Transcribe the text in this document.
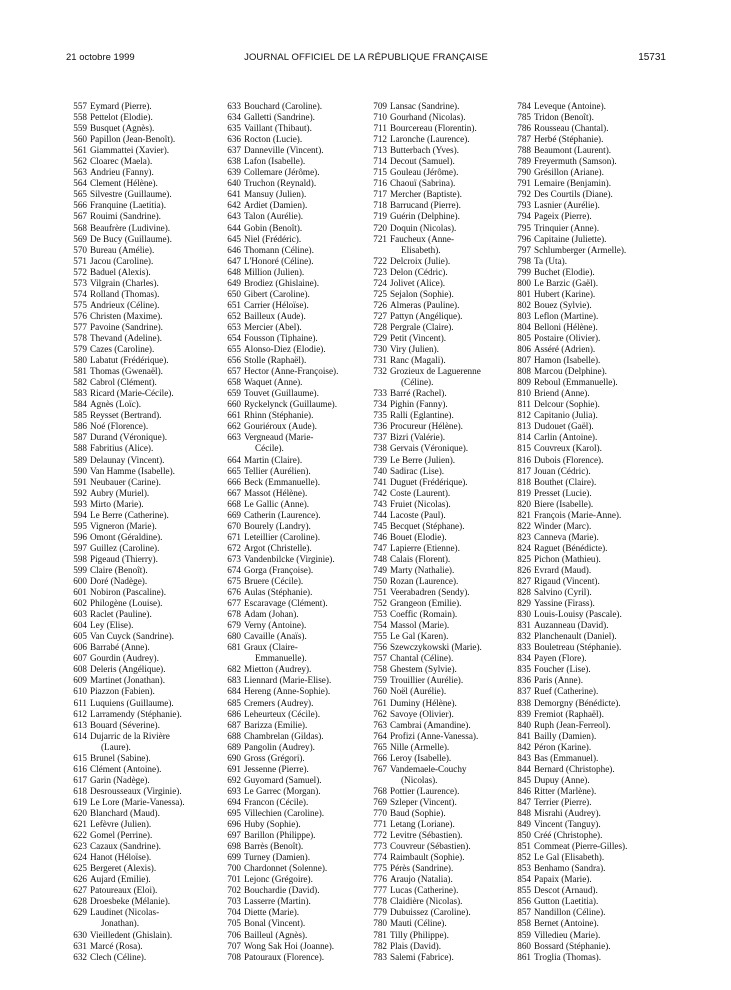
21 octobre 1999	JOURNAL OFFICIEL DE LA RÉPUBLIQUE FRANÇAISE	15731
557 Eymard (Pierre).
558 Pettelot (Elodie).
559 Busquet (Agnès).
560 Papillon (Jean-Benoît).
561 Giammattei (Xavier).
562 Cloarec (Maela).
563 Andrieu (Fanny).
564 Clement (Hélène).
565 Silvestre (Guillaume).
566 Franquine (Laetitia).
567 Rouimi (Sandrine).
568 Beaufrère (Ludivine).
569 De Bucy (Guillaume).
570 Bureau (Amélie).
571 Jacou (Caroline).
572 Baduel (Alexis).
573 Vilgrain (Charles).
574 Rolland (Thomas).
575 Andrieux (Céline).
576 Christen (Maxime).
577 Pavoine (Sandrine).
578 Thevand (Adeline).
579 Cazes (Caroline).
580 Labatut (Frédérique).
581 Thomas (Gwenaël).
582 Cabrol (Clément).
583 Ricard (Marie-Cécile).
584 Agnès (Loïc).
585 Reysset (Bertrand).
586 Noé (Florence).
587 Durand (Véronique).
588 Fabritius (Alice).
589 Delaunay (Vincent).
590 Van Hamme (Isabelle).
591 Neubauer (Carine).
592 Aubry (Muriel).
593 Mirto (Marie).
594 Le Berre (Catherine).
595 Vigneron (Marie).
596 Omont (Géraldine).
597 Guillez (Caroline).
598 Pigeaud (Thierry).
599 Claire (Benoît).
600 Doré (Nadège).
601 Nobiron (Pascaline).
602 Philogène (Louise).
603 Raclet (Pauline).
604 Ley (Elise).
605 Van Cuyck (Sandrine).
606 Barrabé (Anne).
607 Gourdin (Audrey).
608 Deleris (Angélique).
609 Martinet (Jonathan).
610 Piazzon (Fabien).
611 Luquiens (Guillaume).
612 Larramendy (Stéphanie).
613 Bouard (Séverine).
614 Dujarric de la Rivière
(Laure).
615 Brunel (Sabine).
616 Clément (Antoine).
617 Garin (Nadège).
618 Desrousseaux (Virginie).
619 Le Lore (Marie-Vanessa).
620 Blanchard (Maud).
621 Lefèvre (Julien).
622 Gomel (Perrine).
623 Cazaux (Sandrine).
624 Hanot (Héloïse).
625 Bergeret (Alexis).
626 Aujard (Emilie).
627 Patoureaux (Eloi).
628 Droesbeke (Mélanie).
629 Laudinet (Nicolas-
Jonathan).
630 Vieilledent (Ghislain).
631 Marcé (Rosa).
632 Clech (Céline).
633 Bouchard (Caroline).
634 Galletti (Sandrine).
635 Vaillant (Thibaut).
636 Rocton (Lucie).
637 Danneville (Vincent).
638 Lafon (Isabelle).
639 Collemare (Jérôme).
640 Truchon (Reynald).
641 Mansuy (Julien).
642 Ardiet (Damien).
643 Talon (Aurélie).
644 Gobin (Benoît).
645 Niel (Frédéric).
646 Thomann (Céline).
647 L'Honoré (Céline).
648 Million (Julien).
649 Brodiez (Ghislaine).
650 Gibert (Caroline).
651 Carrier (Héloïse).
652 Bailleux (Aude).
653 Mercier (Abel).
654 Fousson (Tiphaine).
655 Alonso-Diez (Elodie).
656 Stolle (Raphaël).
657 Hector (Anne-Françoise).
658 Waquet (Anne).
659 Touvet (Guillaume).
660 Ryckelynck (Guillaume).
661 Rhinn (Stéphanie).
662 Gouriéroux (Aude).
663 Vergneaud (Marie-
Cécile).
664 Martin (Claire).
665 Tellier (Aurélien).
666 Beck (Emmanuelle).
667 Massot (Hélène).
668 Le Gallic (Anne).
669 Catherin (Laurence).
670 Bourely (Landry).
671 Leteillier (Caroline).
672 Argot (Christelle).
673 Vandenbilcke (Virginie).
674 Gorga (Françoise).
675 Bruere (Cécile).
676 Aulas (Stéphanie).
677 Escaravage (Clément).
678 Adam (Johan).
679 Verny (Antoine).
680 Cavaille (Anaïs).
681 Graux (Claire-
Emmanuelle).
682 Mietton (Audrey).
683 Liennard (Marie-Elise).
684 Hereng (Anne-Sophie).
685 Cremers (Audrey).
686 Leheurteux (Cécile).
687 Barizza (Emilie).
688 Chambrelan (Gildas).
689 Pangolin (Audrey).
690 Gross (Grégori).
691 Jessenne (Pierre).
692 Guyomard (Samuel).
693 Le Garrec (Morgan).
694 Francon (Cécile).
695 Villechien (Caroline).
696 Huby (Sophie).
697 Barillon (Philippe).
698 Barrès (Benoît).
699 Turney (Damien).
700 Chardonnet (Solenne).
701 Lejonc (Grégoire).
702 Bouchardie (David).
703 Lasserre (Martin).
704 Diette (Marie).
705 Bonal (Vincent).
706 Bailleul (Agnès).
707 Wong Sak Hoi (Joanne).
708 Patouraux (Florence).
709 Lansac (Sandrine).
710 Gourhand (Nicolas).
711 Bourcereau (Florentin).
712 Laronche (Laurence).
713 Butterbach (Yves).
714 Decout (Samuel).
715 Gouleau (Jérôme).
716 Chaouï (Sabrina).
717 Mercher (Baptiste).
718 Barrucand (Pierre).
719 Guérin (Delphine).
720 Doquin (Nicolas).
721 Faucheux (Anne-
Elisabeth).
722 Delcroix (Julie).
723 Delon (Cédric).
724 Jolivet (Alice).
725 Sejalon (Sophie).
726 Almeras (Pauline).
727 Pattyn (Angélique).
728 Pergrale (Claire).
729 Petit (Vincent).
730 Viry (Julien).
731 Ranc (Magali).
732 Grozieux de Laguerenne
(Céline).
733 Barré (Rachel).
734 Pighin (Fanny).
735 Ralli (Eglantine).
736 Procureur (Hélène).
737 Bizri (Valérie).
738 Gervais (Véronique).
739 Le Berre (Julien).
740 Sadirac (Lise).
741 Duguet (Frédérique).
742 Coste (Laurent).
743 Fruiet (Nicolas).
744 Lacoste (Paul).
745 Becquet (Stéphane).
746 Bouet (Elodie).
747 Lapierre (Etienne).
748 Calais (Florent).
749 Marty (Nathalie).
750 Rozan (Laurence).
751 Veerabadren (Sendy).
752 Grangeon (Emilie).
753 Coeffic (Romain).
754 Massol (Marie).
755 Le Gal (Karen).
756 Szewczykowski (Marie).
757 Chantal (Céline).
758 Ghestem (Sylvie).
759 Trouillier (Aurélie).
760 Noël (Aurélie).
761 Duminy (Hélène).
762 Savoye (Olivier).
763 Cambrai (Amandine).
764 Profizi (Anne-Vanessa).
765 Nille (Armelle).
766 Leroy (Isabelle).
767 Vandemaele-Couchy
(Nicolas).
768 Pottier (Laurence).
769 Szleper (Vincent).
770 Baud (Sophie).
771 Letang (Loriane).
772 Levitre (Sébastien).
773 Couvreur (Sébastien).
774 Raimbault (Sophie).
775 Pérès (Sandrine).
776 Araujo (Natalia).
777 Lucas (Catherine).
778 Claidière (Nicolas).
779 Dubuissez (Caroline).
780 Mauti (Céline).
781 Tilly (Philippe).
782 Plais (David).
783 Salemi (Fabrice).
784 Leveque (Antoine).
785 Tridon (Benoît).
786 Rousseau (Chantal).
787 Herbé (Stéphanie).
788 Beaumont (Laurent).
789 Freyermuth (Samson).
790 Grésillon (Ariane).
791 Lemaire (Benjamin).
792 Des Courtils (Diane).
793 Lasnier (Aurélie).
794 Pageix (Pierre).
795 Trinquier (Anne).
796 Capitaine (Juliette).
797 Schlumberger (Armelle).
798 Ta (Uta).
799 Buchet (Elodie).
800 Le Barzic (Gaël).
801 Hubert (Karine).
802 Bouez (Sylvie).
803 Leflon (Martine).
804 Belloni (Hélène).
805 Postaire (Olivier).
806 Asséré (Adrien).
807 Hamon (Isabelle).
808 Marcou (Delphine).
809 Reboul (Emmanuelle).
810 Briend (Anne).
811 Delcour (Sophie).
812 Capitanio (Julia).
813 Dudouet (Gaël).
814 Carlin (Antoine).
815 Couvreux (Karol).
816 Dubois (Florence).
817 Jouan (Cédric).
818 Bouthet (Claire).
819 Presset (Lucie).
820 Biere (Isabelle).
821 François (Marie-Anne).
822 Winder (Marc).
823 Canneva (Marie).
824 Raguet (Bénédicte).
825 Pichon (Mathieu).
826 Evrard (Maud).
827 Rigaud (Vincent).
828 Salvino (Cyril).
829 Yassine (Firass).
830 Louis-Louisy (Pascale).
831 Auzanneau (David).
832 Planchenault (Daniel).
833 Bouletreau (Stéphanie).
834 Payen (Flore).
835 Foucher (Lise).
836 Paris (Anne).
837 Ruef (Catherine).
838 Demorgny (Bénédicte).
839 Fremiot (Raphaël).
840 Ruph (Jean-Ferreol).
841 Bailly (Damien).
842 Péron (Karine).
843 Bas (Emmanuel).
844 Bernard (Christophe).
845 Dupuy (Anne).
846 Ritter (Marlène).
847 Terrier (Pierre).
848 Misrahi (Audrey).
849 Vincent (Tanguy).
850 Créé (Christophe).
851 Commeat (Pierre-Gilles).
852 Le Gal (Elisabeth).
853 Benhamo (Sandra).
854 Papaix (Marie).
855 Descot (Arnaud).
856 Gutton (Laetitia).
857 Nandillon (Céline).
858 Bernet (Antoine).
859 Villedieu (Marie).
860 Bossard (Stéphanie).
861 Troglia (Thomas).
